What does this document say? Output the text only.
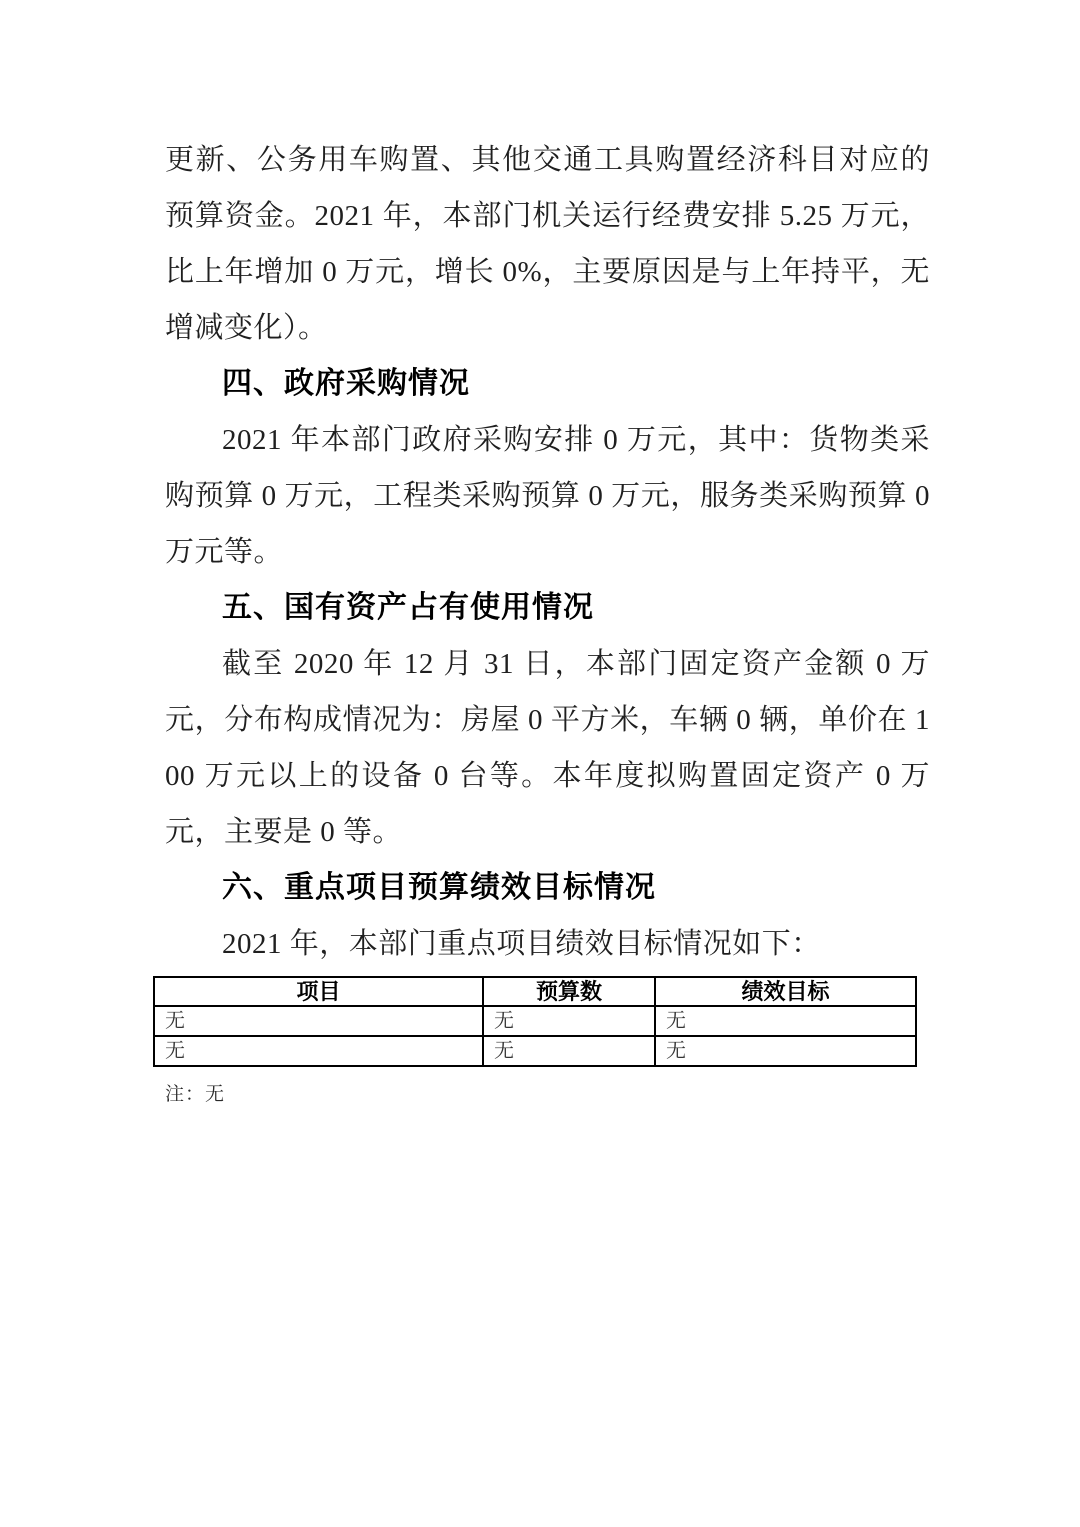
更新、公务用车购置、其他交通工具购置经济科目对应的预算资金。2021 年，本部门机关运行经费安排 5.25 万元，比上年增加 0 万元，增长 0%，主要原因是与上年持平，无增减变化）。

四、政府采购情况

2021 年本部门政府采购安排 0 万元，其中：货物类采购预算 0 万元，工程类采购预算 0 万元，服务类采购预算 0 万元等。

五、国有资产占有使用情况

截至 2020 年 12 月 31 日，本部门固定资产金额 0 万元，分布构成情况为：房屋 0 平方米，车辆 0 辆，单价在 100 万元以上的设备 0 台等。本年度拟购置固定资产 0 万元，主要是 0 等。

六、重点项目预算绩效目标情况

2021 年，本部门重点项目绩效目标情况如下：

项目	预算数	绩效目标
无	无	无
无	无	无

注：无
